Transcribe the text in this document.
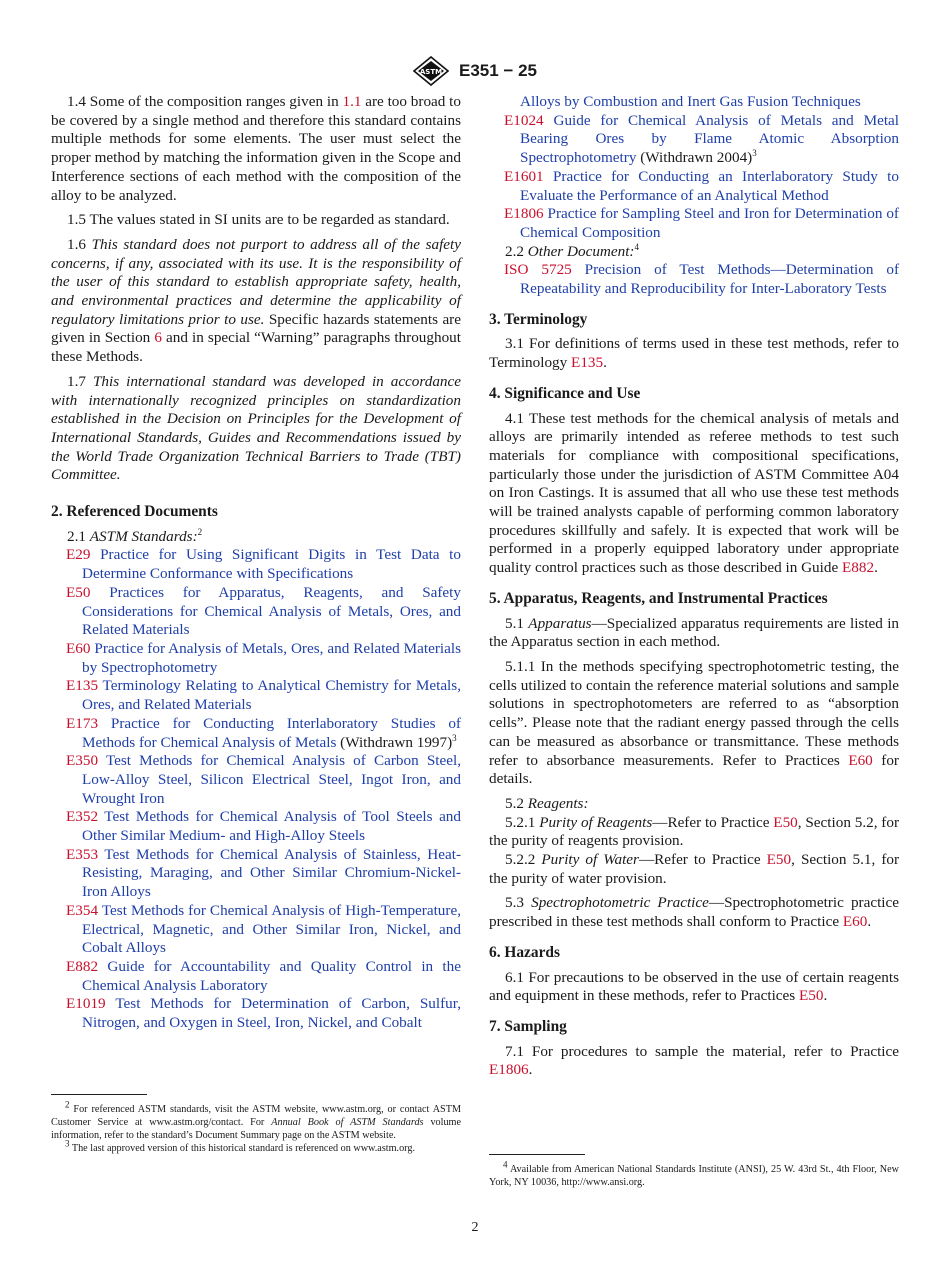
ASTM E351 − 25

1.4 Some of the composition ranges given in 1.1 are too broad to be covered by a single method and therefore this standard contains multiple methods for some elements. The user must select the proper method by matching the information given in the Scope and Interference sections of each method with the composition of the alloy to be analyzed.

1.5 The values stated in SI units are to be regarded as standard.

1.6 This standard does not purport to address all of the safety concerns, if any, associated with its use. It is the responsibility of the user of this standard to establish appropriate safety, health, and environmental practices and determine the applicability of regulatory limitations prior to use. Specific hazards statements are given in Section 6 and in special “Warning” paragraphs throughout these Methods.

1.7 This international standard was developed in accordance with internationally recognized principles on standardization established in the Decision on Principles for the Development of International Standards, Guides and Recommendations issued by the World Trade Organization Technical Barriers to Trade (TBT) Committee.

2. Referenced Documents

2.1 ASTM Standards:$^2$

E29 Practice for Using Significant Digits in Test Data to Determine Conformance with Specifications

E50 Practices for Apparatus, Reagents, and Safety Considerations for Chemical Analysis of Metals, Ores, and Related Materials

E60 Practice for Analysis of Metals, Ores, and Related Materials by Spectrophotometry

E135 Terminology Relating to Analytical Chemistry for Metals, Ores, and Related Materials

E173 Practice for Conducting Interlaboratory Studies of Methods for Chemical Analysis of Metals (Withdrawn 1997)$^3$

E350 Test Methods for Chemical Analysis of Carbon Steel, Low-Alloy Steel, Silicon Electrical Steel, Ingot Iron, and Wrought Iron

E352 Test Methods for Chemical Analysis of Tool Steels and Other Similar Medium- and High-Alloy Steels

E353 Test Methods for Chemical Analysis of Stainless, Heat-Resisting, Maraging, and Other Similar Chromium-Nickel-Iron Alloys

E354 Test Methods for Chemical Analysis of High-Temperature, Electrical, Magnetic, and Other Similar Iron, Nickel, and Cobalt Alloys

E882 Guide for Accountability and Quality Control in the Chemical Analysis Laboratory

E1019 Test Methods for Determination of Carbon, Sulfur, Nitrogen, and Oxygen in Steel, Iron, Nickel, and Cobalt

$^2$ For referenced ASTM standards, visit the ASTM website, www.astm.org, or contact ASTM Customer Service at www.astm.org/contact. For Annual Book of ASTM Standards volume information, refer to the standard’s Document Summary page on the ASTM website.

$^3$ The last approved version of this historical standard is referenced on www.astm.org.

Alloys by Combustion and Inert Gas Fusion Techniques

E1024 Guide for Chemical Analysis of Metals and Metal Bearing Ores by Flame Atomic Absorption Spectrophotometry (Withdrawn 2004)$^3$

E1601 Practice for Conducting an Interlaboratory Study to Evaluate the Performance of an Analytical Method

E1806 Practice for Sampling Steel and Iron for Determination of Chemical Composition

2.2 Other Document:$^4$

ISO 5725 Precision of Test Methods—Determination of Repeatability and Reproducibility for Inter-Laboratory Tests

3. Terminology

3.1 For definitions of terms used in these test methods, refer to Terminology E135.

4. Significance and Use

4.1 These test methods for the chemical analysis of metals and alloys are primarily intended as referee methods to test such materials for compliance with compositional specifications, particularly those under the jurisdiction of ASTM Committee A04 on Iron Castings. It is assumed that all who use these test methods will be trained analysts capable of performing common laboratory procedures skillfully and safely. It is expected that work will be performed in a properly equipped laboratory under appropriate quality control practices such as those described in Guide E882.

5. Apparatus, Reagents, and Instrumental Practices

5.1 Apparatus—Specialized apparatus requirements are listed in the Apparatus section in each method.

5.1.1 In the methods specifying spectrophotometric testing, the cells utilized to contain the reference material solutions and sample solutions in spectrophotometers are referred to as “absorption cells”. Please note that the radiant energy passed through the cells can be measured as absorbance or transmittance. These methods refer to absorbance measurements. Refer to Practices E60 for details.

5.2 Reagents:

5.2.1 Purity of Reagents—Refer to Practice E50, Section 5.2, for the purity of reagents provision.

5.2.2 Purity of Water—Refer to Practice E50, Section 5.1, for the purity of water provision.

5.3 Spectrophotometric Practice—Spectrophotometric practice prescribed in these test methods shall conform to Practice E60.

6. Hazards

6.1 For precautions to be observed in the use of certain reagents and equipment in these methods, refer to Practices E50.

7. Sampling

7.1 For procedures to sample the material, refer to Practice E1806.

$^4$ Available from American National Standards Institute (ANSI), 25 W. 43rd St., 4th Floor, New York, NY 10036, http://www.ansi.org.

2
